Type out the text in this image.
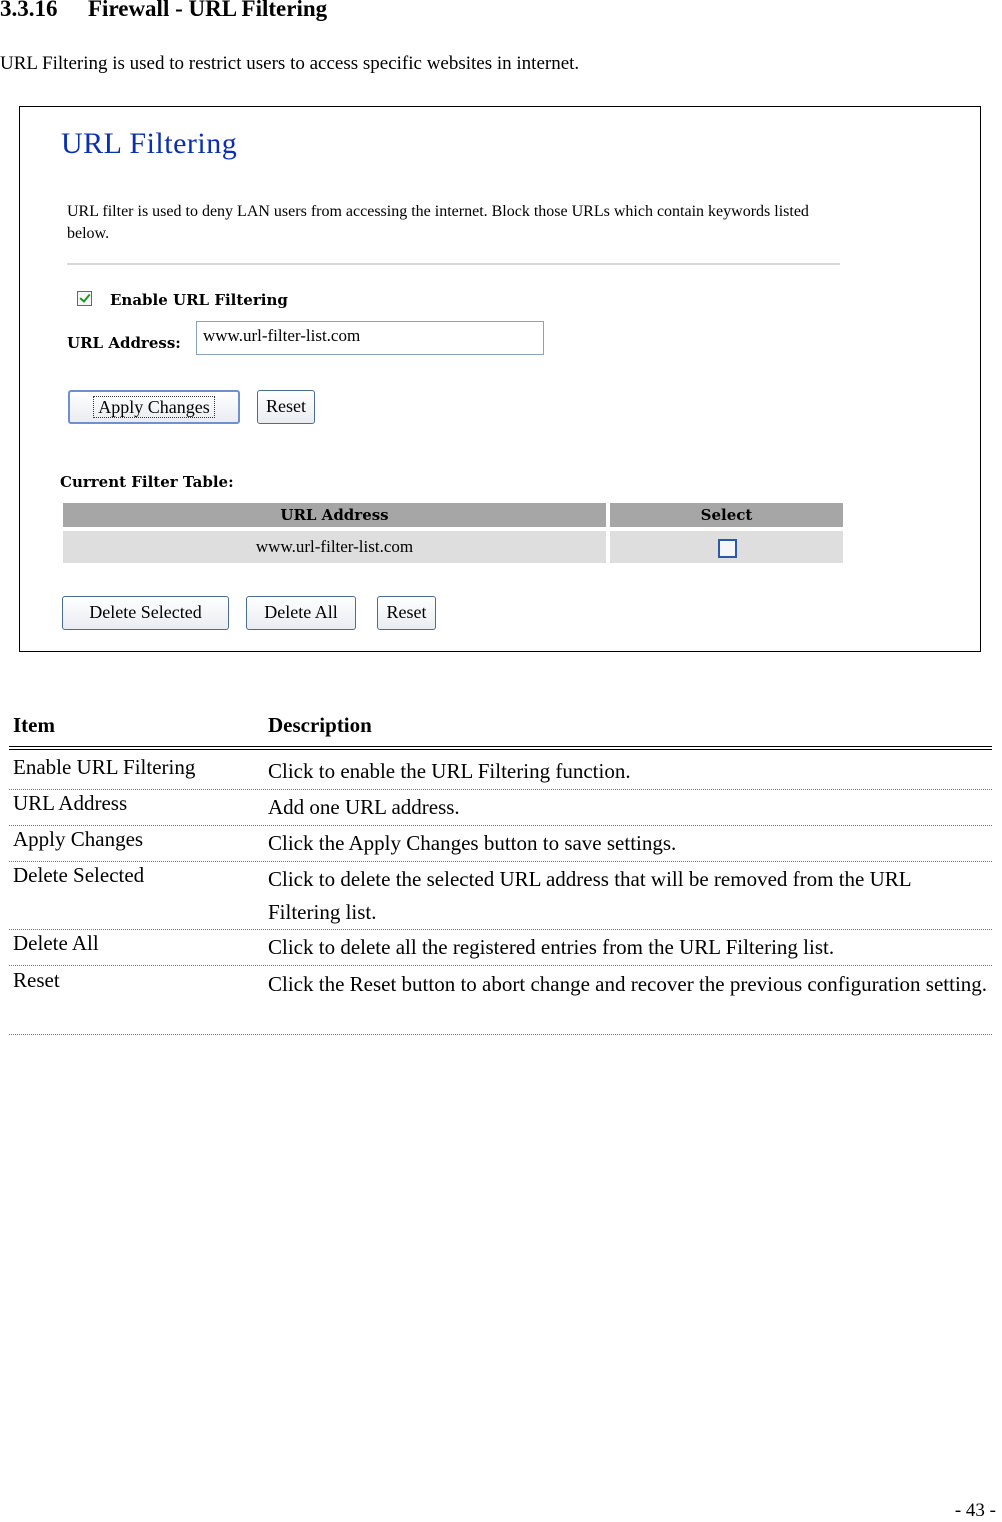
3.3.16 Firewall - URL Filtering
URL Filtering is used to restrict users to access specific websites in internet.
URL Filtering
URL filter is used to deny LAN users from accessing the internet. Block those URLs which contain keywords listed below.
Enable URL Filtering
URL Address:	www.url-filter-list.com
Apply Changes	Reset
Current Filter Table:
URL Address	Select
www.url-filter-list.com
Delete Selected	Delete All	Reset
Item	Description
Enable URL Filtering	Click to enable the URL Filtering function.
URL Address	Add one URL address.
Apply Changes	Click the Apply Changes button to save settings.
Delete Selected	Click to delete the selected URL address that will be removed from the URL Filtering list.
Delete All	Click to delete all the registered entries from the URL Filtering list.
Reset	Click the Reset button to abort change and recover the previous configuration setting.
- 43 -
